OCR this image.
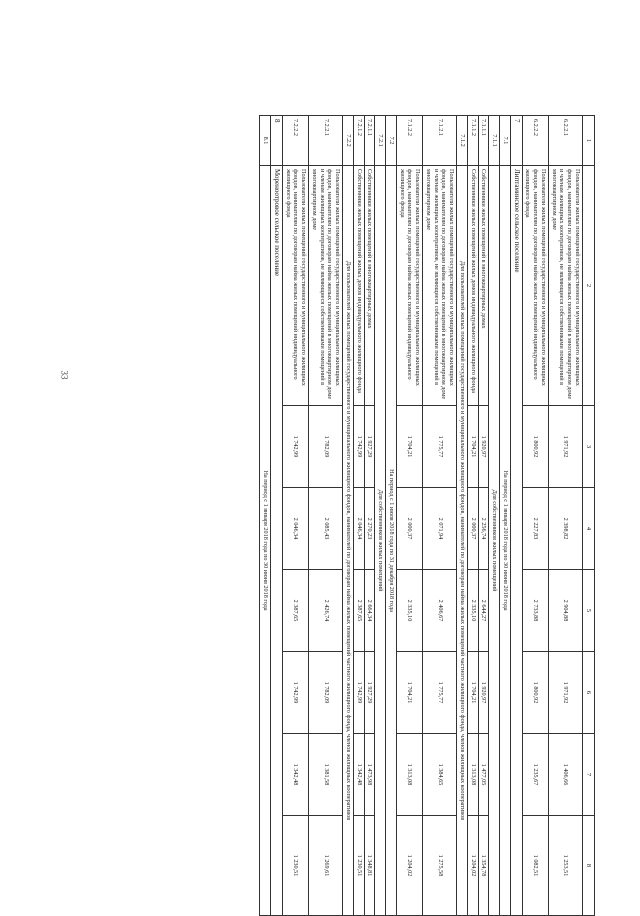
33
1	2	3	4	5	6	7	8
6.2.2.1	Пользователи жилых помещений государственного и муниципального жилищных фондов, нанимателям по договорам найма жилых помещений в многоквартирном доме и членам жилищных кооперативов, не являющиеся собственниками помещений в многоквартирном доме	1 971,92	2 398,82	2 904,88	1 971,92	1 406,66	1 253,51
6.2.2.2	Пользователи жилых помещений государственного и муниципального жилищных фондов, нанимателям по договорам найма жилых помещений индивидуального жилищного фонда	1 800,92	2 227,83	2 733,88	1 800,92	1 235,67	1 082,51
7	Липтаминское сельское поселение						
7.1	На период с 1 января 2018 года по 30 июня 2018 года						
7.1.1	Для собственников жилых помещений						
7.1.1.1	Собственники жилых помещений в многоквартирных домах	1 920,97	2 256,74	2 644,27	1 920,97	1 477,05	1 354,78
7.1.1.2	Собственники жилых помещений жилых домов индивидуального жилищного фонда	1 704,21	2 000,37	2 335,10	1 704,21	1 313,08	1 204,02
7.1.2	Для пользователей жилых помещений государственного и муниципального жилищного фондов, нанимателей по договорам найма жилых помещений частного жилищного фонда, членов жилищных кооперативов						
7.1.2.1	Пользователи жилых помещений государственного и муниципального жилищных фондов, нанимателям по договорам найма жилых помещений в многоквартирном доме и членам жилищных кооперативов, не являющиеся собственниками помещений в многоквартирном доме	1 775,77	2 071,94	2 406,67	1 775,77	1 384,65	1 275,58
7.1.2.2	Пользователи жилых помещений государственного и муниципального жилищных фондов, нанимателям по договорам найма жилых помещений индивидуального жилищного фонда	1 704,21	2 000,37	2 335,10	1 704,21	1 313,08	1 204,02
7.2	На период с 1 июля 2018 года по 31 декабря 2018 года						
7.2.1	Для собственников жилых помещений						
7.2.1.1	Собственники жилых помещений в многоквартирных домах	1 927,29	2 270,23	2 664,34	1 927,29	1 473,98	1 348,81
7.2.1.2	Собственники жилых помещений жилых домов индивидуального жилищного фонда	1 742,99	2 046,34	2 387,65	1 742,99	1 342,48	1 230,51
7.2.2	Для пользователей жилых помещений государственного и муниципального жилищного фондов, нанимателей по договорам найма жилых помещений частного жилищного фонда, членов жилищных кооперативов						
7.2.2.1	Пользователи жилых помещений государственного и муниципального жилищных фондов, нанимателям по договорам найма жилых помещений в многоквартирном доме и членам жилищных кооперативов, не являющиеся собственниками помещений в многоквартирном доме	1 782,09	2 085,43	2 426,74	1 782,09	1 381,58	1 269,61
7.2.2.2	Пользователи жилых помещений государственного и муниципального жилищных фондов, нанимателям по договорам найма жилых помещений индивидуального жилищного фонда	1 742,99	2 046,34	2 387,65	1 742,99	1 342,48	1 230,51
8	Мореноотровое сельское поселение						
8.1	На период с 1 января 2018 года по 30 июня 2018 года						
